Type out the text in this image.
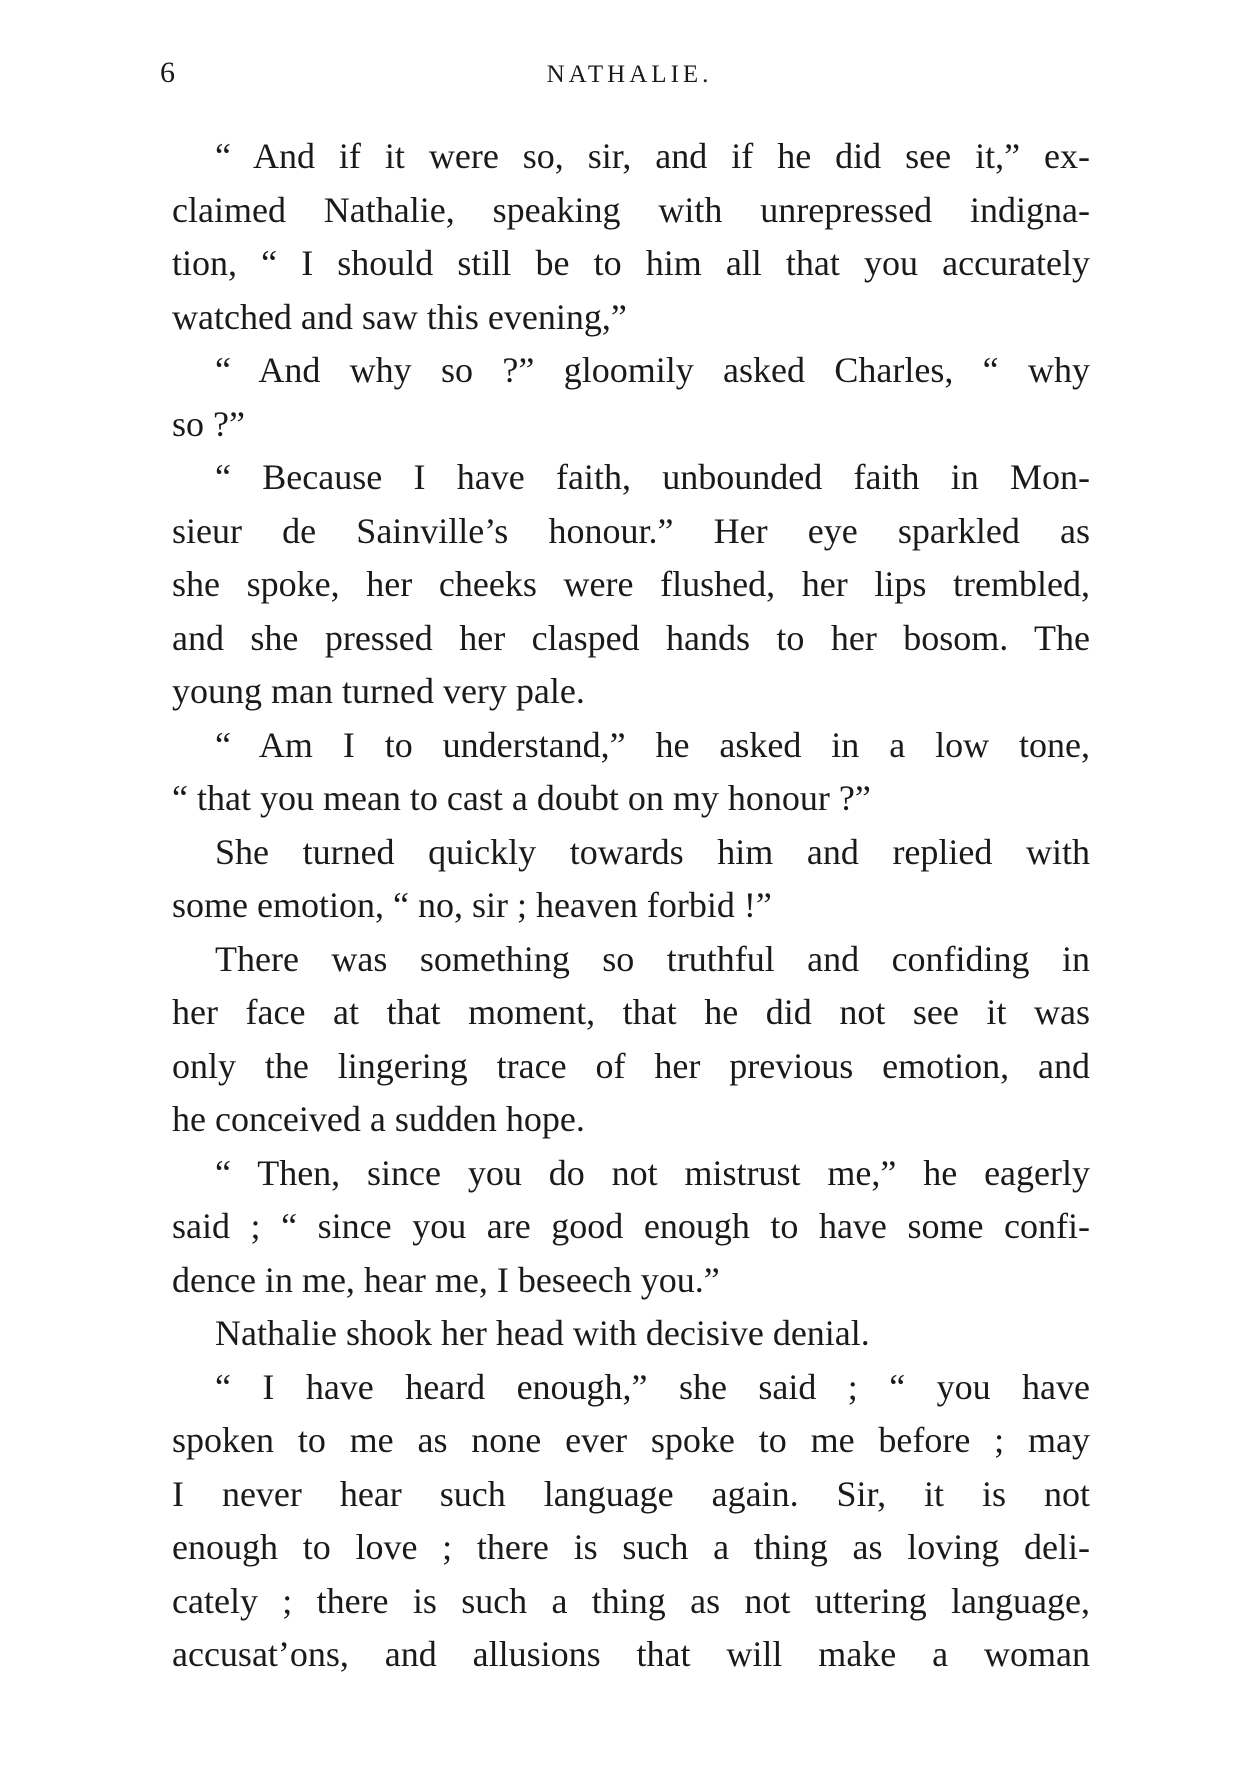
6	NATHALIE.
“ And if it were so, sir, and if he did see it,” ex-
claimed Nathalie, speaking with unrepressed indigna-
tion, “ I should still be to him all that you accurately
watched and saw this evening,”
“ And why so ?” gloomily asked Charles, “ why
so ?”
“ Because I have faith, unbounded faith in Mon-
sieur de Sainville’s honour.” Her eye sparkled as
she spoke, her cheeks were flushed, her lips trembled,
and she pressed her clasped hands to her bosom. The
young man turned very pale.
“ Am I to understand,” he asked in a low tone,
“ that you mean to cast a doubt on my honour ?”
She turned quickly towards him and replied with
some emotion, “ no, sir ; heaven forbid !”
There was something so truthful and confiding in
her face at that moment, that he did not see it was
only the lingering trace of her previous emotion, and
he conceived a sudden hope.
“ Then, since you do not mistrust me,” he eagerly
said ; “ since you are good enough to have some confi-
dence in me, hear me, I beseech you.”
Nathalie shook her head with decisive denial.
“ I have heard enough,” she said ; “ you have
spoken to me as none ever spoke to me before ; may
I never hear such language again. Sir, it is not
enough to love ; there is such a thing as loving deli-
cately ; there is such a thing as not uttering language,
accusat’ons, and allusions that will make a woman
